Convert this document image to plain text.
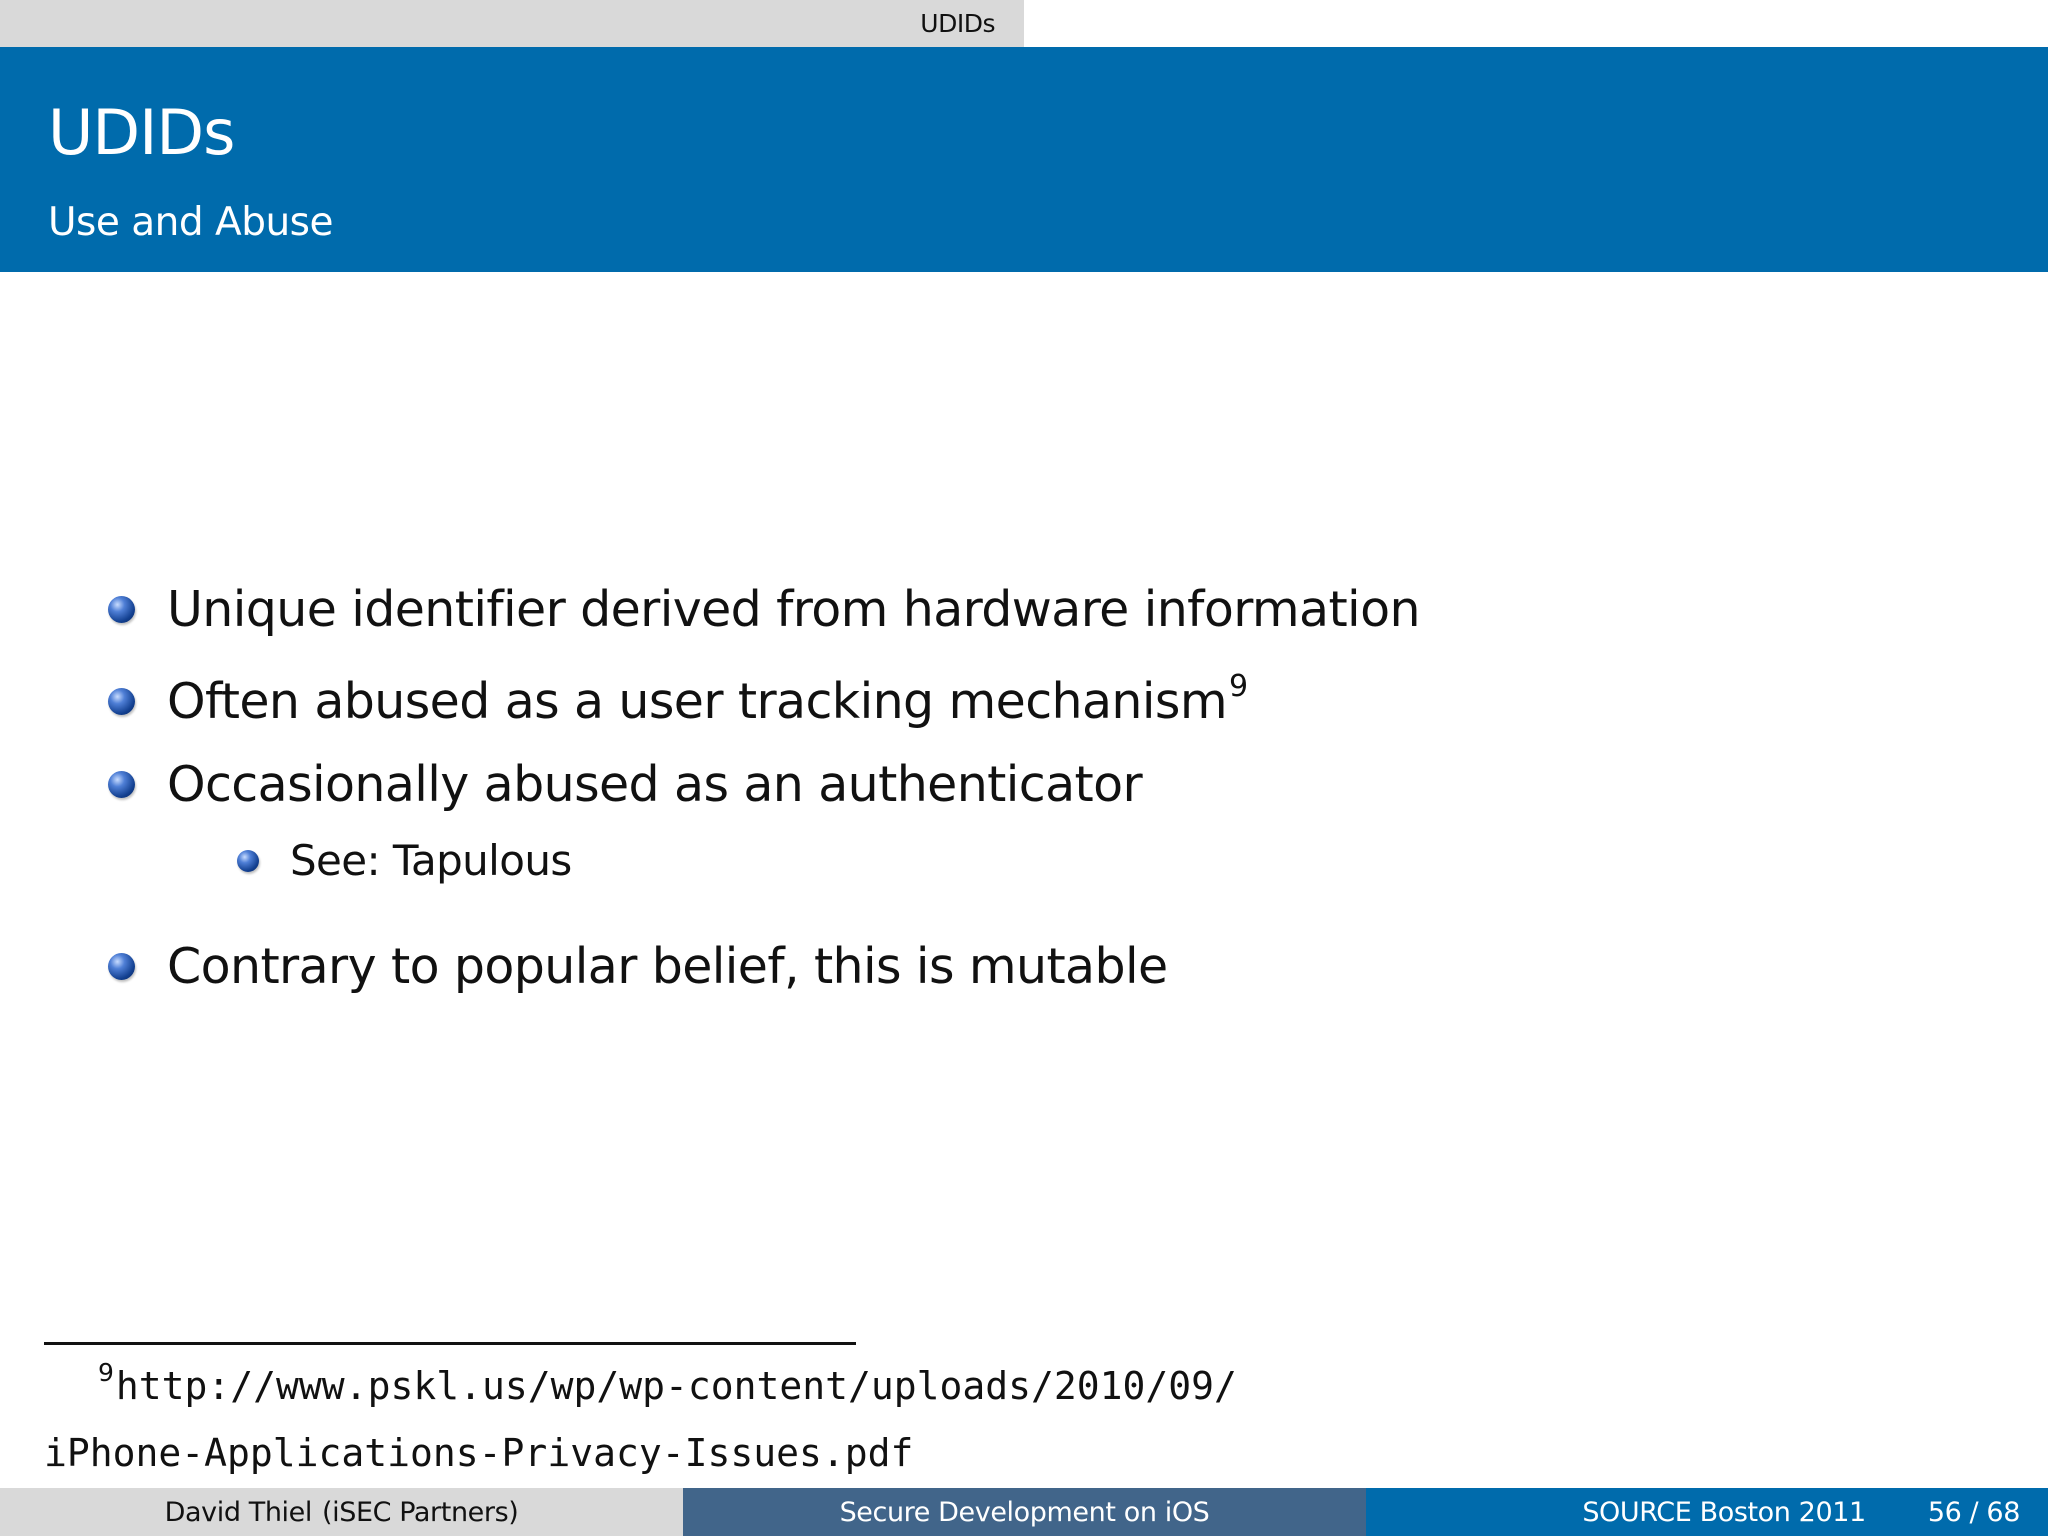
UDIDs
UDIDs
Use and Abuse
Unique identifier derived from hardware information
Often abused as a user tracking mechanism$^9$
Occasionally abused as an authenticator
See: Tapulous
Contrary to popular belief, this is mutable
$^9$http://www.pskl.us/wp/wp-content/uploads/2010/09/
iPhone-Applications-Privacy-Issues.pdf
David Thiel (iSEC Partners)	Secure Development on iOS	SOURCE Boston 2011 56 / 68
